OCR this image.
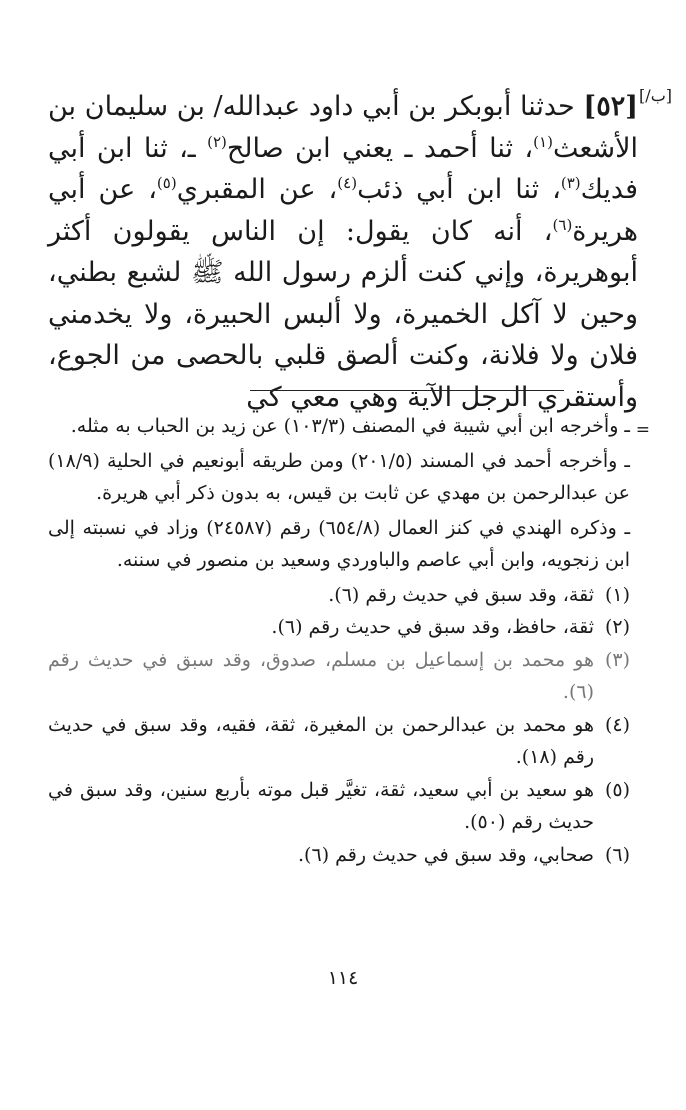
[/ب]

[٥٢] حدثنا أبوبكر بن أبي داود عبدالله/ بن سليمان بن الأشعث$^{(١)}$، ثنا أحمد ـ يعني ابن صالح$^{(٢)}$ ـ، ثنا ابن أبي فديك$^{(٣)}$، ثنا ابن أبي ذئب$^{(٤)}$، عن المقبري$^{(٥)}$، عن أبي هريرة$^{(٦)}$، أنه كان يقول: إن الناس يقولون أكثر أبوهريرة، وإني كنت ألزم رسول الله ﷺ لشبع بطني، وحين لا آكل الخميرة، ولا ألبس الحبيرة، ولا يخدمني فلان ولا فلانة، وكنت ألصق قلبي بالحصى من الجوع، وأستقري الرجل الآية وهي معي كي

=

ـ وأخرجه ابن أبي شيبة في المصنف (١٠٣/٣) عن زيد بن الحباب به مثله.

ـ وأخرجه أحمد في المسند (٢٠١/٥) ومن طريقه أبونعيم في الحلية (١٨/٩) عن عبدالرحمن بن مهدي عن ثابت بن قيس، به بدون ذكر أبي هريرة.

ـ وذكره الهندي في كنز العمال (٦٥٤/٨) رقم (٢٤٥٨٧) وزاد في نسبته إلى ابن زنجويه، وابن أبي عاصم والباوردي وسعيد بن منصور في سننه.

(١)
ثقة، وقد سبق في حديث رقم (٦).
(٢)
ثقة، حافظ، وقد سبق في حديث رقم (٦).
(٣)
هو محمد بن إسماعيل بن مسلم، صدوق، وقد سبق في حديث رقم (٦).
(٤)
هو محمد بن عبدالرحمن بن المغيرة، ثقة، فقيه، وقد سبق في حديث رقم (١٨).
(٥)
هو سعيد بن أبي سعيد، ثقة، تغيَّر قبل موته بأربع سنين، وقد سبق في حديث رقم (٥٠).
(٦)
صحابي، وقد سبق في حديث رقم (٦).
١١٤
